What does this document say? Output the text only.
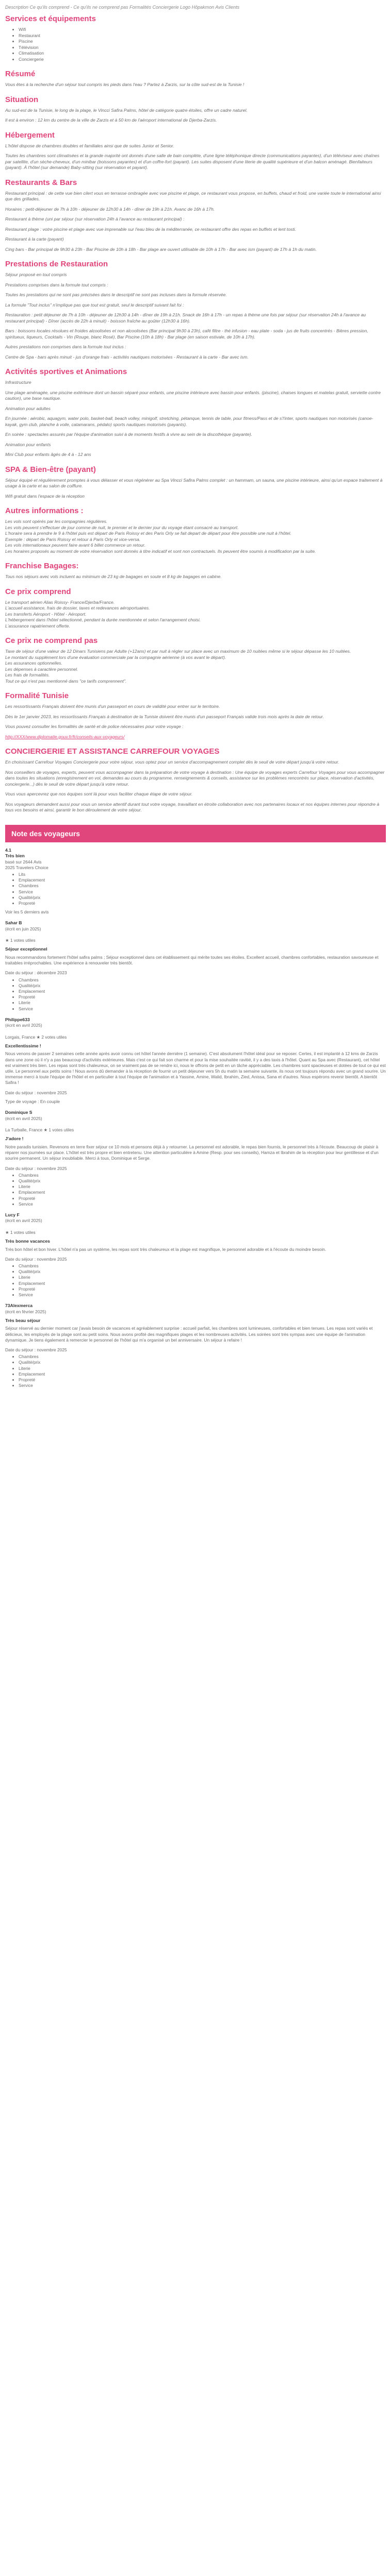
Description Ce qu'ils comprend - Ce qu'ils ne comprend pas Formalités Conciergerie Logo Hôpakmon Avis Clients
Services et équipements
• Wifi
• Restaurant
• Piscine
• Télévision
• Climatisation
• Conciergerie
Résumé

Vous êtes à la recherche d'un séjour tout compris les pieds dans l'eau ? Partez à Zarzis, sur la côte sud-est de la Tunisie !

Situation

Au sud-est de la Tunisie, le long de la plage, le Vincci Safira Palms, hôtel de catégorie quatre étoiles, offre un cadre naturel.

Il est à environ : 12 km du centre de la ville de Zarzis et à 50 km de l'aéroport international de Djerba-Zarzis.

Hébergement

L'hôtel dispose de chambres doubles et familiales ainsi que de suites Junior et Senior.

Toutes les chambres sont climatisées et la grande majorité ont donnés d'une salle de bain complète, d'une ligne téléphonique directe (communications payantes), d'un téléviseur avec chaînes par satellite, d'un sèche-cheveux, d'un minibar (boissons payantes) et d'un coffre-fort (payant). Les suites disposent d'une literie de qualité supérieure et d'un balcon aménagé. Bienfaiteurs (payant). À l'hôtel (sur demande) Baby-sitting (sur réservation et payant).

Restaurants & Bars

Restaurant principal : de cette vue bien cilert vous en terrasse ombragée avec vue piscine et plage, ce restaurant vous propose, en buffets, chaud et froid, une variée toute le international ainsi que des grillades.

Horaires : petit-déjeuner de 7h à 10h - déjeuner de 12h30 à 14h - dîner de 19h à 21h. Avanc de 16h à 17h.

Restaurant à thème (uni par séjour (sur réservation 24h à l'avance au restaurant principal) :

Restaurant plage : votre piscine et plage avec vue imprenable sur l'eau bleu de la méditerranée, ce restaurant offre des repas en buffets et lent tosti.

Restaurant à la carte (payant)

Cing bars - Bar principal de 9h30 à 23h - Bar Piscine de 10h à 18h - Bar plage are ouvert utilisable de 10h à 17h - Bar avec ism (payant) de 17h à 1h du matin.

Prestations de Restauration

Séjour proposé en tout compris

Prestations comprises dans la formule tout compris :

Toutes les prestations qui ne sont pas précisées dans le descriptif ne sont pas incluses dans la formule réservée.

La formule "Tout inclus" n'implique pas que tout est gratuit, seul le descriptif suivant fait foi :

Restauration : petit déjeuner de 7h à 10h - déjeuner de 12h30 à 14h - dîner de 19h à 21h. Snack de 16h à 17h - un repas à thème une fois par séjour (sur réservation 24h à l'avance au restaurant principal) - Dîner (accès de 22h à minuit) - boisson fraîche au goûter (12h30 à 16h).

Bars : boissons locales résolues et froides alcoolisées et non alcoolisées (Bar principal 9h30 à 23h), café filtre - thé infusion - eau plate - soda - jus de fruits concentrés - Bières pression, spiritueux, liqueurs, Cocktails - Vin (Rouge, blanc Rosé), Bar Piscine (10h à 18h) - Bar plage (en saison estivale, de 10h à 17h).

Autres prestations non comprises dans la formule tout inclus :

Centre de Spa - bars après minuit - jus d'orange frais - activités nautiques motorisées - Restaurant à la carte - Bar avec ism.

Activités sportives et Animations

Infrastructure

Une plage aménagée, une piscine extérieure dont un bassin séparé pour enfants, une piscine intérieure avec bassin pour enfants. (piscine), chaises longues et matelas gratuit, serviette contre caution), une base nautique.

Animation pour adultes

En journée : aérobic, aquagym, water polo, basket-ball, beach volley, minigolf, stretching, pétanque, tennis de table, pour fitness/Pass et de s'l'inter, sports nautiques non motorisés (canoe-kayak, gym club, planche à voile, catamarans, pédalo) sports nautiques motorisés (payants).

En soirée : spectacles assurés par l'équipe d'animation suivi à de moments festifs à vivre au sein de la discothèque (payante).

Animation pour enfants

Mini Club pour enfants âgés de 4 à - 12 ans

SPA & Bien-être (payant)

Séjour équipé et régulièrement promptes à vous délasser et vous régénérer au Spa Vincci Safira Palms complet : un hammam, un sauna, une piscine intérieure, ainsi qu'un espace traitement à usage à la carte et au salon de coiffure.

Wifi gratuit dans l'espace de la réception

Autres informations :

Les vols sont opérés par les compagnies régulières.
Les vols peuvent s'effectuer de jour comme de nuit, le premier et le dernier jour du voyage étant consacré au transport.
L'horaire sera à prendre le 9 à l'hôtel puis est départ de Paris Roissy et des Paris Orly se fait depart de départ pour être possible une nuit à l'hôtel.
Exemple : départ de Paris Roissy et retour à Paris Orly et vice-versa.
Les vols internationaux peuvent faire avant 6 billet commerce un retour.
Les horaires proposés au moment de votre réservation sont donnés à titre indicatif et sont non contractuels. Ils peuvent être soumis à modification par la suite.

Franchise Bagages:

Tous nos séjours avec vols incluent au minimum de 23 kg de bagages en soute et 8 kg de bagages en cabine.

Ce prix comprend

Le transport aérien Alias Roissy- France/Djerba/France.
L'accueil assistance, frais de dossier, taxes et redevances aéroportuaires.
Les transferts Aéroport - Hôtel - Aéroport.
L'hébergement dans l'hôtel sélectionné, pendant la durée mentionnée et selon l'arrangement choisi.
L'assurance rapatriement offerte.

Ce prix ne comprend pas

Taxe de séjour d'une valeur de 12 Dinars Tunisiens par Adulte (+12ans) et par nuit à régler sur place avec un maximum de 10 nuitées même si le séjour dépasse les 10 nuitées.
Le montant du supplément lors d'une évaluation commerciale par la compagnie aérienne (à vos avant le départ).
Les assurances optionnelles.
Les dépenses à caractère personnel.
Les frais de formalités.
Tout ce qui n'est pas mentionné dans "ce tarifs comprennent".

Formalité Tunisie

Les ressortissants Français doivent être munis d'un passeport en cours de validité pour entrer sur le territoire.

Dès le 1er janvier 2023, les ressortissants Français à destination de la Tunisie doivent être munis d'un passeport Français valide trois mois après la date de retour.

Vous pouvez consulter les formalités de santé et de police nécessaires pour votre voyage :

http://XXX/www.diplomatie.gouv.fr/fr/conseils-aux-voyageurs/

CONCIERGERIE ET ASSISTANCE CARREFOUR VOYAGES

En choisissant Carrefour Voyages Conciergerie pour votre séjour, vous optez pour un service d'accompagnement complet dès le seuil de votre départ jusqu'à votre retour.

Nos conseillers de voyages, experts, peuvent vous accompagner dans la préparation de votre voyage à destination : Une équipe de voyages experts Carrefour Voyages pour vous accompagner dans toutes les situations (enregistrement en vol, demandes au cours du programme, renseignements & conseils, assistance sur les problèmes rencontrés sur place, réservation d'activités, conciergerie...) dès le seuil de votre départ jusqu'à votre retour.

Vous vous apercevrez que nos équipes sont là pour vous faciliter chaque étape de votre séjour.

Nos voyageurs demandent aussi pour vous un service attentif durant tout votre voyage, travaillant en étroite collaboration avec nos partenaires locaux et nos équipes internes pour répondre à tous vos besoins et ainsi, garantir le bon déroulement de votre séjour.

Note des voyageurs
4.1
Très bien
basé sur 2644 Avis
2025 Travelers Choice
• Lits
• Emplacement
• Chambres
• Service
• Qualité/prix
• Propreté
Voir les 5 derniers avis
Sahar B
(écrit en juin 2025)

★ 1 votes utiles
Séjour exceptionnel
Nous recommandons fortement l'hôtel safira palms ; Séjour exceptionnel dans cet établissement qui mérite toutes ses étoiles. Excellent accueil, chambres confortables, restauration savoureuse et traitables irréprochables. Une expérience à renouveler très bientôt.
Date du séjour : décembre 2023
• Chambres
• Qualité/prix
• Emplacement
• Propreté
• Literie
• Service
Philippe633
(écrit en avril 2025)

Lorgais, France ★ 2 votes utiles
Excellentissime !
Nous venons de passer 2 semaines cette année après avoir connu cet hôtel l'année dernière (1 semaine). C'est absolument l'hôtel idéal pour se reposer. Certes, il est implanté à 12 kms de Zarzis dans une zone où il n'y a pas beaucoup d'activités extérieures. Mais c'est ce qui fait son charme et pour la mise souhaitée ravitié, il y a des taxis à l'hôtel. Quant au Spa avec (Restaurant), cet hôtel est vraiment très bien. Les repas sont très chaleureux, on se vraiment pas de se rendre ici, nous le offrons de petit en un tâche appréciable. Les chambres sont spacieuses et dotées de tout ce qui est utile. Le personnel aux petits soins ! Nous avons dû demander à la réception de fournir un petit déjeuner vers 5h du matin la semaine suivante, ils nous ont toujours répondu avec un grand sourire. Un immense merci à toute l'équipe de l'hôtel et en particulier à tout l'équipe de l'animation et à Yassine, Amine, Walid, Ibrahim, Zied, Anissa, Sana et d'autres. Nous espérons revenir bientôt. A bientôt Safira !
Date du séjour : novembre 2025
Type de voyage : En couple
Dominique S
(écrit en avril 2025)

La Turballe, France ★ 1 votes utiles
J'adore !
Notre paradis tunisien. Revenons en terre fixer séjour ce 10 mois et pensons déjà à y retourner. La personnel est adorable, le repas bien fournis, le personnel très à l'écoute. Beaucoup de plaisir à réparer nos journées sur place. L'hôtel est très propre et bien entretenu. Une attention particulière à Amine (Resp. pour ses conseils), Hamza et Ibrahim de la réception pour leur gentillesse et d'un sourire permanent. Un séjour inoubliable. Merci à tous, Dominique et Serge.
Date du séjour : novembre 2025
• Chambres
• Qualité/prix
• Literie
• Emplacement
• Propreté
• Service
Lucy F
(écrit en avril 2025)

★ 1 votes utiles
Très bonne vacances
Très bon hôtel et bon hiver. L'hôtel n'a pas un système, les repas sont très chaleureux et la plage est magnifique, le personnel adorable et à l'écoute du moindre besoin.
Date du séjour : novembre 2025
• Chambres
• Qualité/prix
• Literie
• Emplacement
• Propreté
• Service
73Alexmerca
(écrit en février 2025)
Très beau séjour
Séjour réservé au dernier moment car j'avais besoin de vacances et agréablement surprise : accueil parfait, les chambres sont lumineuses, confortables et bien tenues. Les repas sont variés et délicieux, les employés de la plage sont au petit soins. Nous avons profité des magnifiques plages et les nombreuses activités. Les soirées sont très sympas avec une équipe de l'animation dynamique. Je tiens également à remercier le personnel de l'hôtel qui m'a organisé un bel anniversaire. Un séjour à refaire !
Date du séjour : novembre 2025
• Chambres
• Qualité/prix
• Literie
• Emplacement
• Propreté
• Service
